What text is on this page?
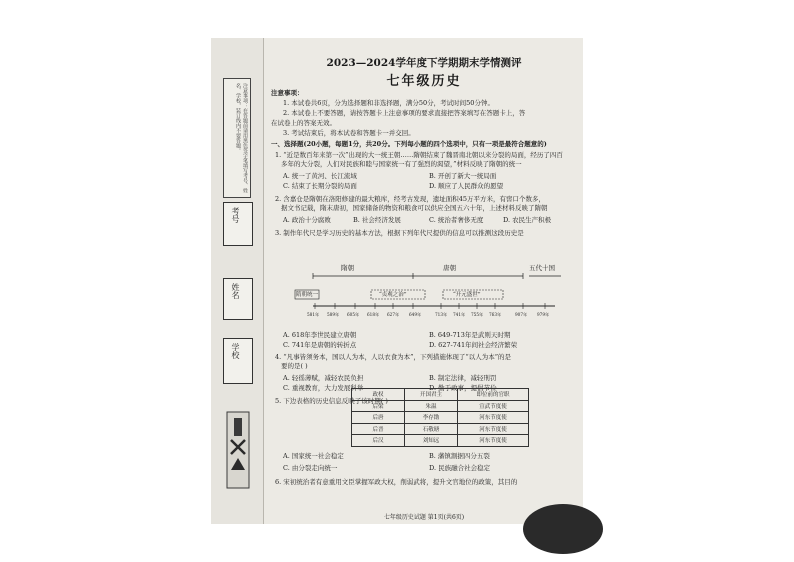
注意事项：在答题前请用黑色签字笔填写考号、姓名、学校，装订线内不要答题。
考号
姓名
学校
2023—2024学年度下学期期末学情测评
七年级历史
注意事项：
1. 本试卷共6页，分为选择题和非选择题，满分50分，考试时间50分钟。
2. 本试卷上不要答题，请按答题卡上注意事项的要求直接把答案填写在答题卡上，答
在试卷上的答案无效。
3. 考试结束后，将本试卷和答题卡一并交回。
一、选择题(20小题，每题1分，共20分。下列每小题的四个选项中，只有一项是最符合题意的)
1. “近是数百年来第一次”出现的大一统王朝……隋朝结束了魏晋南北朝以来分裂的局面，经历了四百
多年的大分裂，人们对民族和睦与国家统一有了强烈的渴望，”材料反映了隋朝的统一
A. 统一了黄河、长江流域	B. 开创了新大一统局面
C. 结束了长期分裂的局面	D. 顺应了人民群众的愿望
2. 含嘉仓是隋朝在洛阳修建的最大粮库，经考古发现，遗址面积45万平方米，有窖口个数多，
据文书记载，隋末唐初，国家储备的物资和粮食可以供应全国五六十年，上述材料反映了隋朝
A. 政治十分腐败	B. 社会经济发展	C. 统治者奢侈无度	D. 农民生产积极
3. 制作年代尺是学习历史的基本方法，根据下列年代尺提供的信息可以推测这段历史是
隋朝	唐朝	五代十国
隋朝统一	“贞观之治”	“开元盛世”
581年 589年 605年 618年 627年 649年	713年 741年 755年 763年	907年 979年
A. 618年李世民建立唐朝	B. 649-713年是武则天时期
C. 741年是唐朝的转折点	D. 627-741年间社会经济繁荣
4. “凡事皆须务本，国以人为本，人以衣食为本”，下列措施体现了“以人为本”的是
要的是( )
A. 轻徭薄赋，减轻农民负担	B. 制定法律，减轻刑罚
C. 重视教育，大力发展科举	D. 勤于政事，提倡节俭
5. 下边表格的历史信息反映了该时期( )
政权	开国君主	即位前的官职
后梁	朱温	宣武节度使
后唐	李存勖	河东节度使
后晋	石敬瑭	河东节度使
后汉	刘知远	河东节度使
A. 国家统一社会稳定	B. 藩镇割据四分五裂
C. 由分裂走向统一	D. 民族融合社会稳定
6. 宋初统治者有意重用文臣掌握军政大权，削弱武将，提升文官地位的政策，其目的
七年级历史试题 第1页(共6页)
